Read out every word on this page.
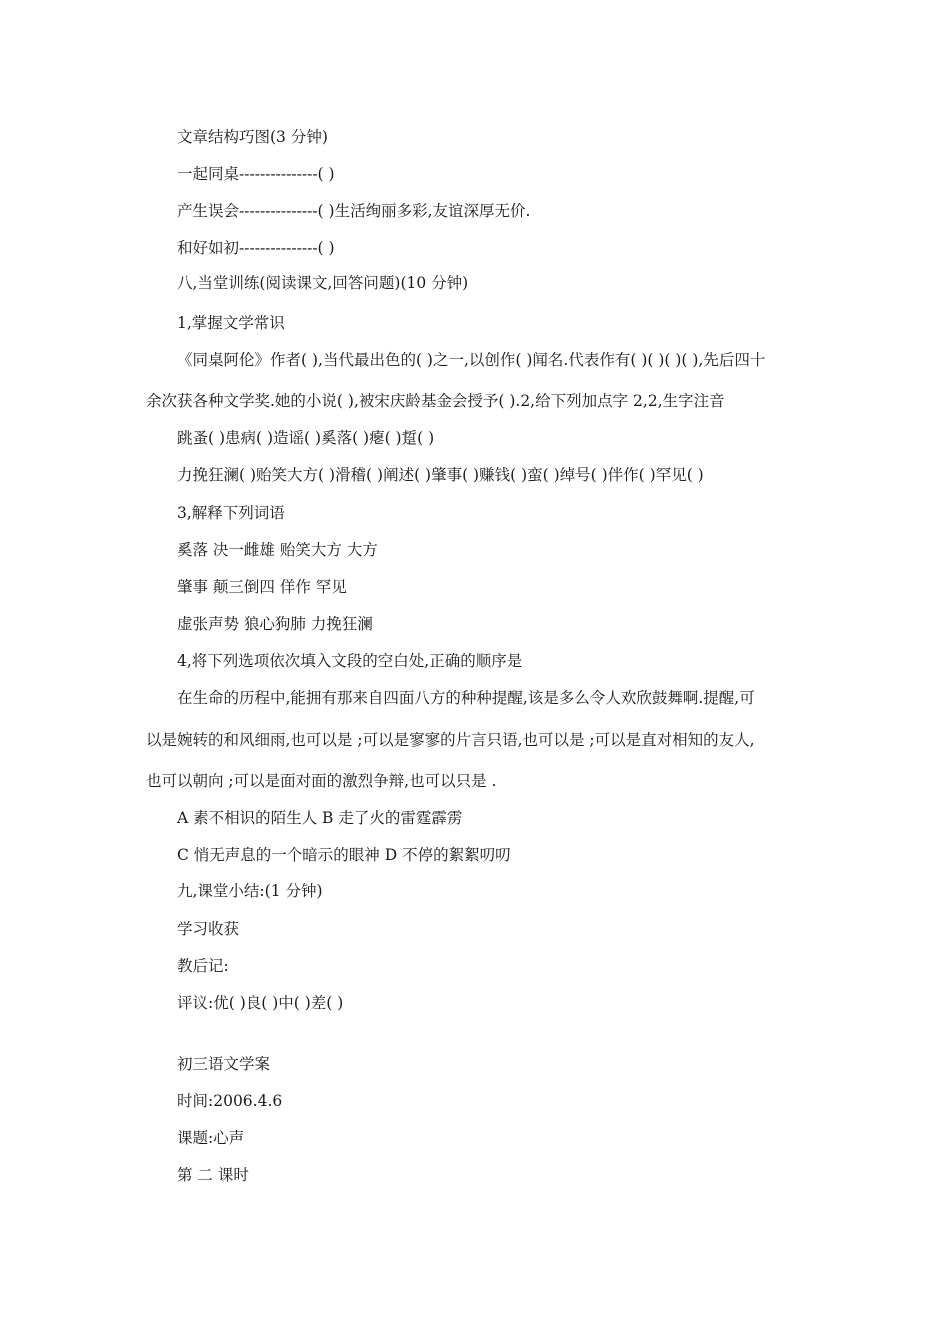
文章结构巧图(3 分钟)
一起同桌---------------( )
产生误会---------------( )生活绚丽多彩,友谊深厚无价.
和好如初---------------( )
八,当堂训练(阅读课文,回答问题)(10 分钟)
1,掌握文学常识
《同桌阿伦》作者( ),当代最出色的( )之一,以创作( )闻名.代表作有( )( )( )( ),先后四十
余次获各种文学奖.她的小说( ),被宋庆龄基金会授予( ).2,给下列加点字 2,2,生字注音
跳蚤( )患病( )造谣( )奚落( )瘪( )踅( )
力挽狂澜( )贻笑大方( )滑稽( )阐述( )肇事( )赚钱( )蛮( )绰号( )伴作( )罕见( )
3,解释下列词语
奚落 决一雌雄 贻笑大方 大方
肇事 颠三倒四 佯作 罕见
虚张声势 狼心狗肺 力挽狂澜
4,将下列选项依次填入文段的空白处,正确的顺序是
在生命的历程中,能拥有那来自四面八方的种种提醒,该是多么令人欢欣鼓舞啊.提醒,可
以是婉转的和风细雨,也可以是 ;可以是寥寥的片言只语,也可以是 ;可以是直对相知的友人,
也可以朝向 ;可以是面对面的激烈争辩,也可以只是 .
A 素不相识的陌生人 B 走了火的雷霆霹雳
C 悄无声息的一个暗示的眼神 D 不停的絮絮叨叨
九,课堂小结:(1 分钟)
学习收获
教后记:
评议:优( )良( )中( )差( )
初三语文学案
时间:2006.4.6
课题:心声
第 二 课时
